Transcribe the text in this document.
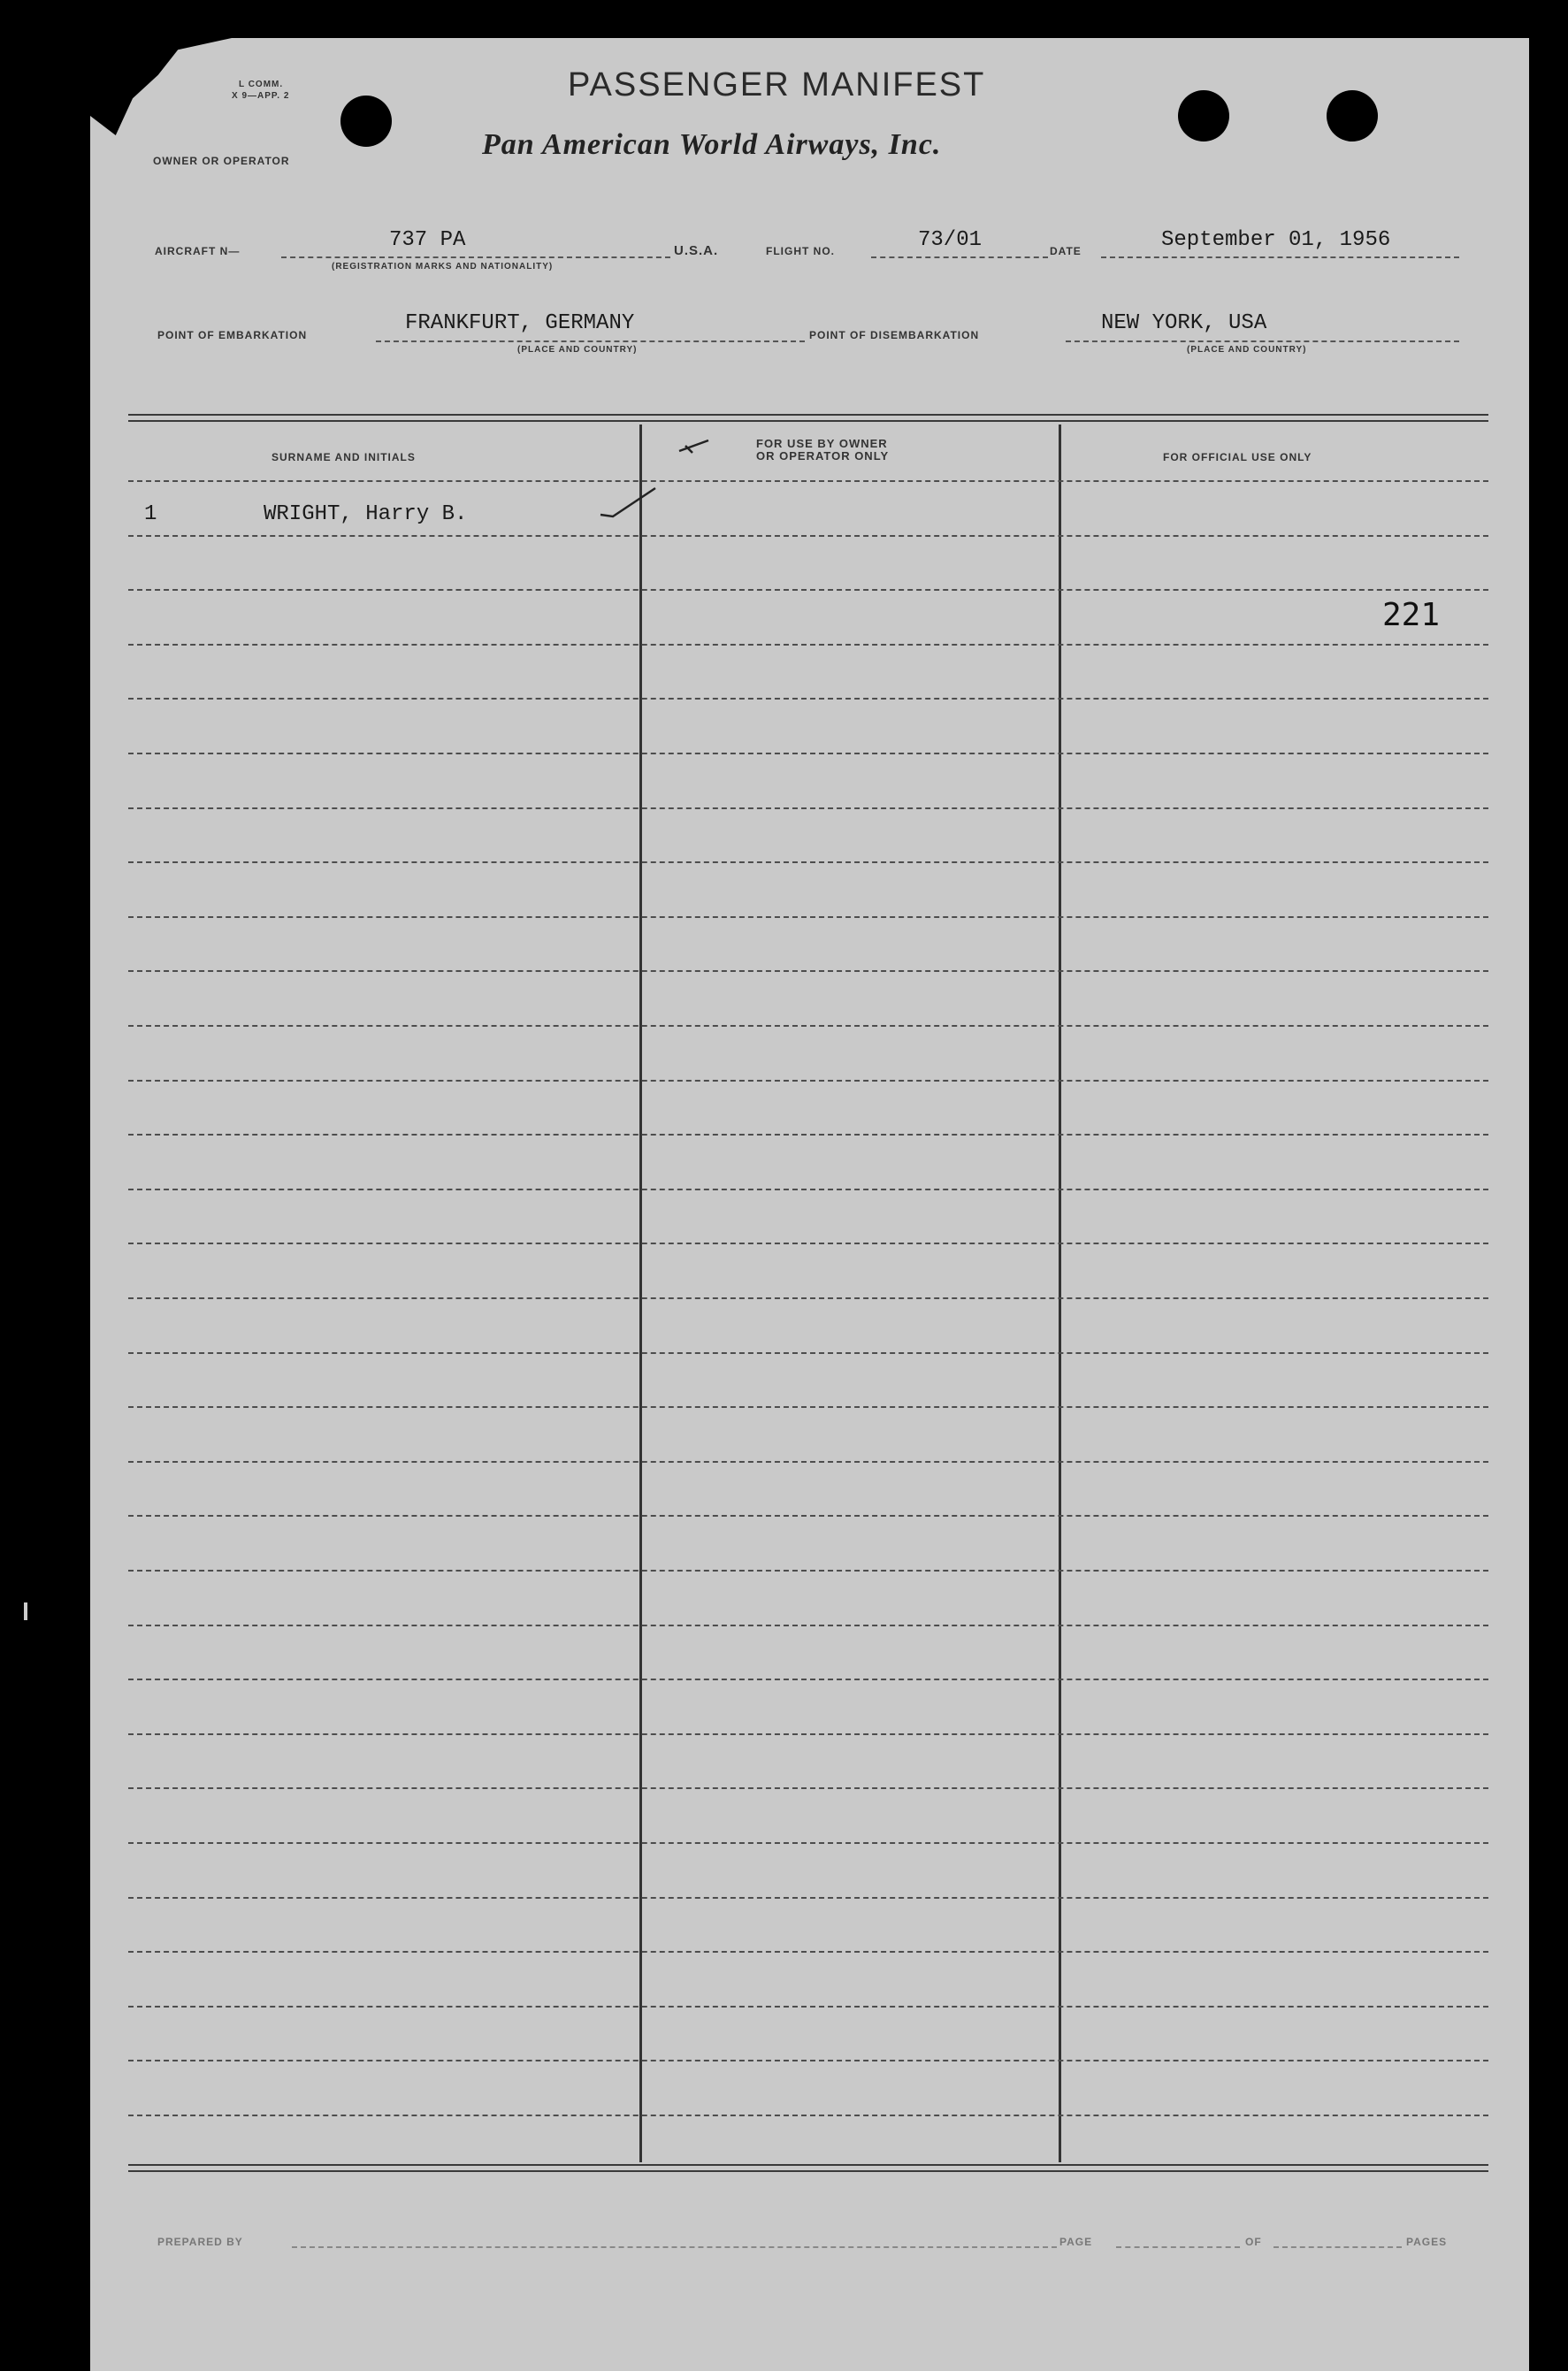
L COMM.
X 9—APP. 2
OWNER OR OPERATOR
PASSENGER MANIFEST
Pan American World Airways, Inc.
AIRCRAFT N—	737 PA
(REGISTRATION MARKS AND NATIONALITY)
U.S.A.	FLIGHT NO.	73/01	DATE	September 01, 1956
POINT OF EMBARKATION	FRANKFURT, GERMANY
(PLACE AND COUNTRY)
POINT OF DISEMBARKATION	NEW YORK, USA
(PLACE AND COUNTRY)
SURNAME AND INITIALS
FOR USE BY OWNER
OR OPERATOR ONLY	FOR OFFICIAL USE ONLY
1	WRIGHT, Harry B.
221
PREPARED BY	PAGE	OF	PAGES
